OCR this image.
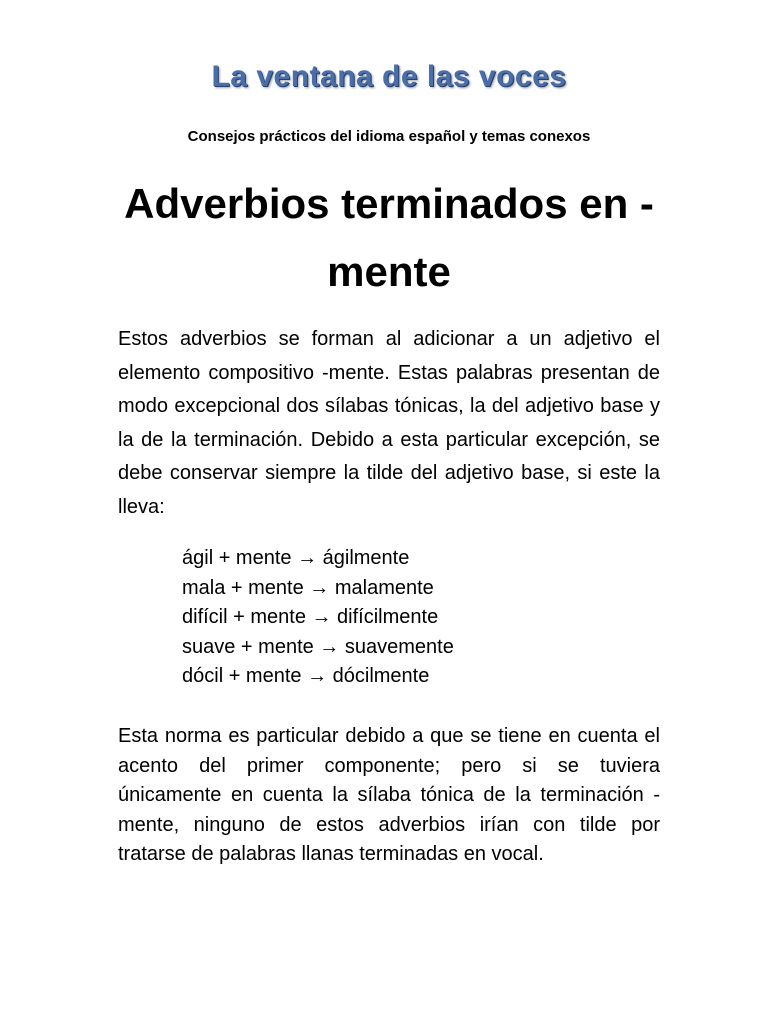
La ventana de las voces
Consejos prácticos del idioma español y temas conexos
Adverbios terminados en -mente

Estos adverbios se forman al adicionar a un adjetivo el elemento compositivo -mente. Estas palabras presentan de modo excepcional dos sílabas tónicas, la del adjetivo base y la de la terminación. Debido a esta particular excepción, se debe conservar siempre la tilde del adjetivo base, si este la lleva:

ágil + mente → ágilmente
mala + mente → malamente
difícil + mente → difícilmente
suave + mente → suavemente
dócil + mente → dócilmente

Esta norma es particular debido a que se tiene en cuenta el acento del primer componente; pero si se tuviera únicamente en cuenta la sílaba tónica de la terminación -mente, ninguno de estos adverbios irían con tilde por tratarse de palabras llanas terminadas en vocal.
